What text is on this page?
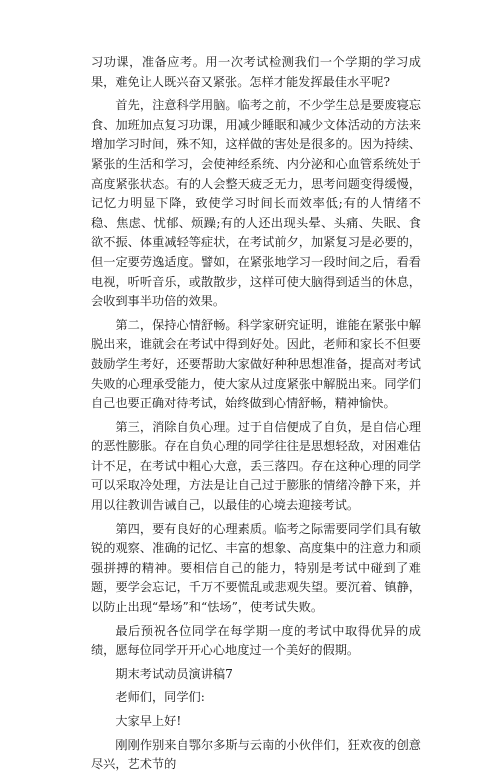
习功课，准备应考。用一次考试检测我们一个学期的学习成果，难免让人既兴奋又紧张。怎样才能发挥最佳水平呢?

首先，注意科学用脑。临考之前，不少学生总是要废寝忘食、加班加点复习功课，用减少睡眠和减少文体活动的方法来增加学习时间，殊不知，这样做的害处是很多的。因为持续、紧张的生活和学习，会使神经系统、内分泌和心血管系统处于高度紧张状态。有的人会整天疲乏无力，思考问题变得缓慢，记忆力明显下降，致使学习时间长而效率低;有的人情绪不稳、焦虑、忧郁、烦躁;有的人还出现头晕、头痛、失眠、食欲不振、体重减轻等症状，在考试前夕，加紧复习是必要的，但一定要劳逸适度。譬如，在紧张地学习一段时间之后，看看电视，听听音乐，或散散步，这样可使大脑得到适当的休息，会收到事半功倍的效果。

第二，保持心情舒畅。科学家研究证明，谁能在紧张中解脱出来，谁就会在考试中得到好处。因此，老师和家长不但要鼓励学生考好，还要帮助大家做好种种思想准备，提高对考试失败的心理承受能力，使大家从过度紧张中解脱出来。同学们自己也要正确对待考试，始终做到心情舒畅，精神愉快。

第三，消除自负心理。过于自信便成了自负，是自信心理的恶性膨胀。存在自负心理的同学往往是思想轻敌，对困难估计不足，在考试中粗心大意，丢三落四。存在这种心理的同学可以采取冷处理，方法是让自己过于膨胀的情绪冷静下来，并用以往教训告诫自己，以最佳的心境去迎接考试。

第四，要有良好的心理素质。临考之际需要同学们具有敏锐的观察、准确的记忆、丰富的想象、高度集中的注意力和顽强拼搏的精神。要相信自己的能力，特别是考试中碰到了难题，要学会忘记，千万不要慌乱或悲观失望。要沉着、镇静，以防止出现“晕场”和“怯场”，使考试失败。

最后预祝各位同学在每学期一度的考试中取得优异的成绩，愿每位同学开开心心地度过一个美好的假期。

期末考试动员演讲稿7

老师们，同学们:

大家早上好!

刚刚作别来自鄂尔多斯与云南的小伙伴们，狂欢夜的创意尽兴，艺术节的
